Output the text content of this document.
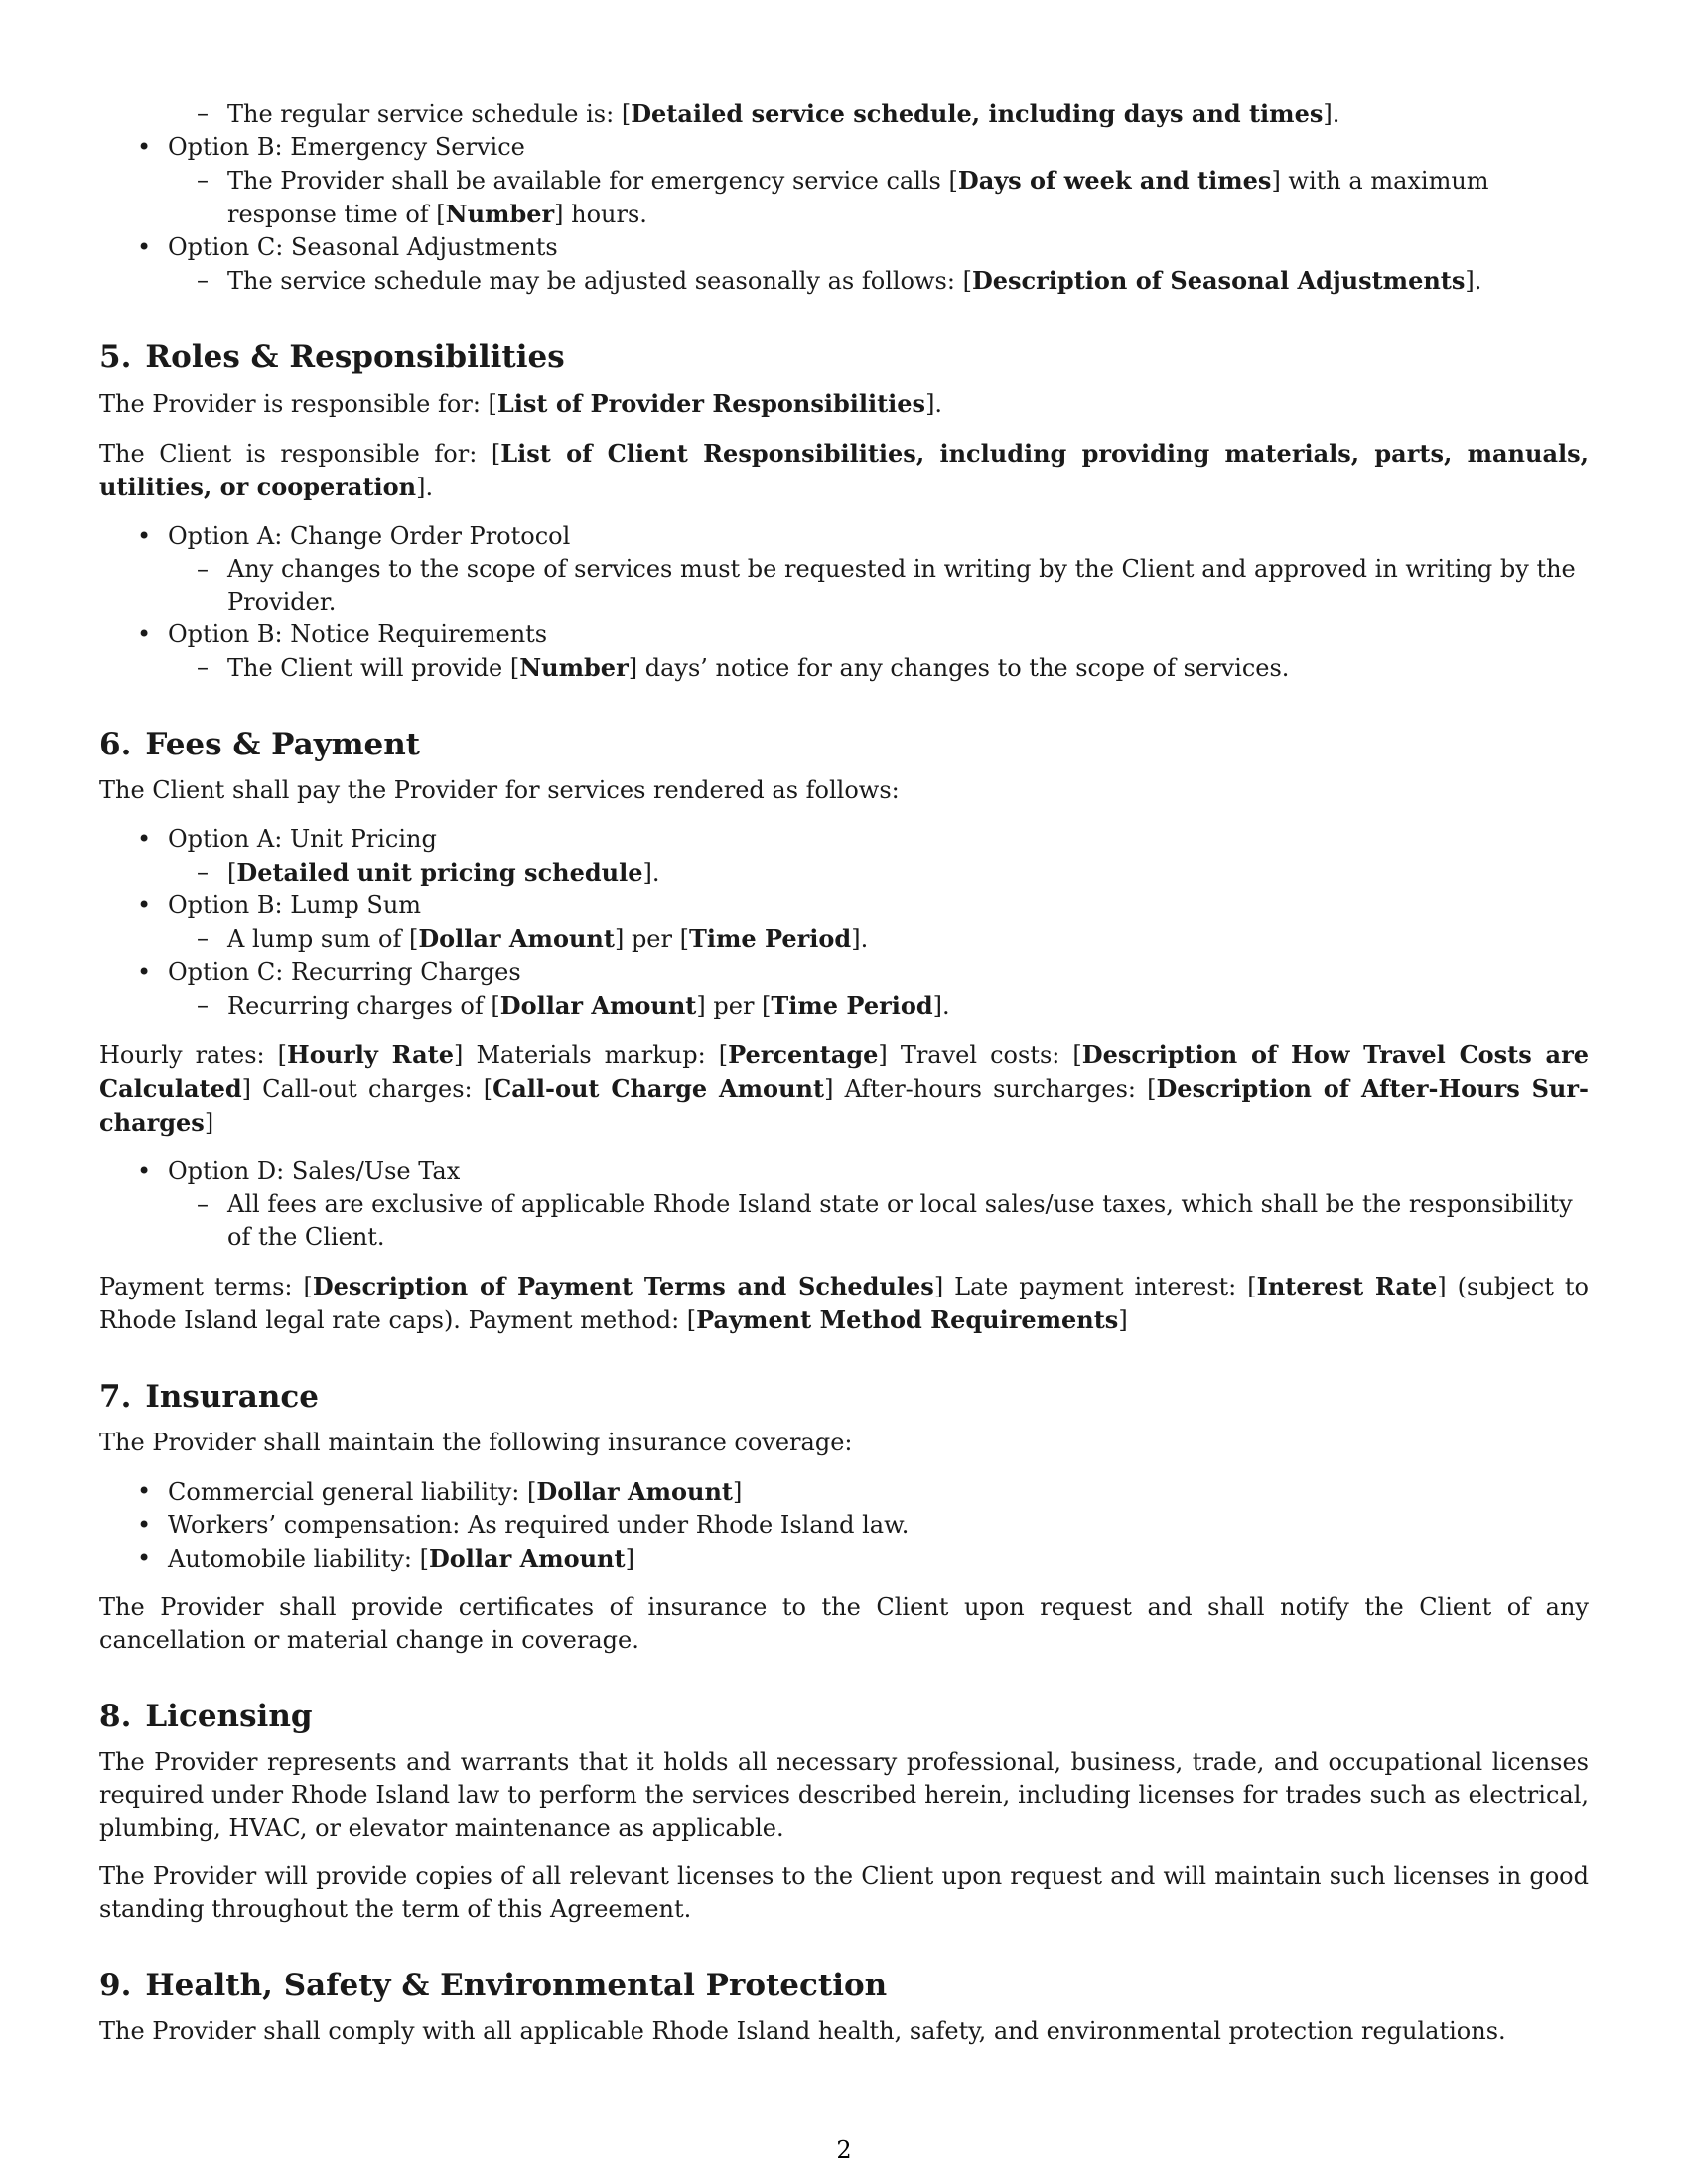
– The regular service schedule is: [Detailed service schedule, including days and times].
• Option B: Emergency Service
– The Provider shall be available for emergency service calls [Days of week and times] with a maximum response time of [Number] hours.
• Option C: Seasonal Adjustments
– The service schedule may be adjusted seasonally as follows: [Description of Seasonal Adjustments].
5. Roles & Responsibilities

The Provider is responsible for: [List of Provider Responsibilities].

The Client is responsible for: [List of Client Responsibilities, including providing materials, parts, manuals, utilities, or cooperation].

• Option A: Change Order Protocol
– Any changes to the scope of services must be requested in writing by the Client and approved in writing by the Provider.
• Option B: Notice Requirements
– The Client will provide [Number] days’ notice for any changes to the scope of services.
6. Fees & Payment

The Client shall pay the Provider for services rendered as follows:

• Option A: Unit Pricing
– [Detailed unit pricing schedule].
• Option B: Lump Sum
– A lump sum of [Dollar Amount] per [Time Period].
• Option C: Recurring Charges
– Recurring charges of [Dollar Amount] per [Time Period].

Hourly rates: [Hourly Rate] Materials markup: [Percentage] Travel costs: [Description of How Travel Costs are Calculated] Call-out charges: [Call-out Charge Amount] After-hours surcharges: [Description of After-Hours Surcharges]

• Option D: Sales/Use Tax
– All fees are exclusive of applicable Rhode Island state or local sales/use taxes, which shall be the responsibility of the Client.

Payment terms: [Description of Payment Terms and Schedules] Late payment interest: [Interest Rate] (subject to Rhode Island legal rate caps). Payment method: [Payment Method Requirements]

7. Insurance

The Provider shall maintain the following insurance coverage:

• Commercial general liability: [Dollar Amount]
• Workers’ compensation: As required under Rhode Island law.
• Automobile liability: [Dollar Amount]

The Provider shall provide certificates of insurance to the Client upon request and shall notify the Client of any cancellation or material change in coverage.

8. Licensing

The Provider represents and warrants that it holds all necessary professional, business, trade, and occupational licenses required under Rhode Island law to perform the services described herein, including licenses for trades such as electrical, plumbing, HVAC, or elevator maintenance as applicable.

The Provider will provide copies of all relevant licenses to the Client upon request and will maintain such licenses in good standing throughout the term of this Agreement.

9. Health, Safety & Environmental Protection

The Provider shall comply with all applicable Rhode Island health, safety, and environmental protection regulations.

2
